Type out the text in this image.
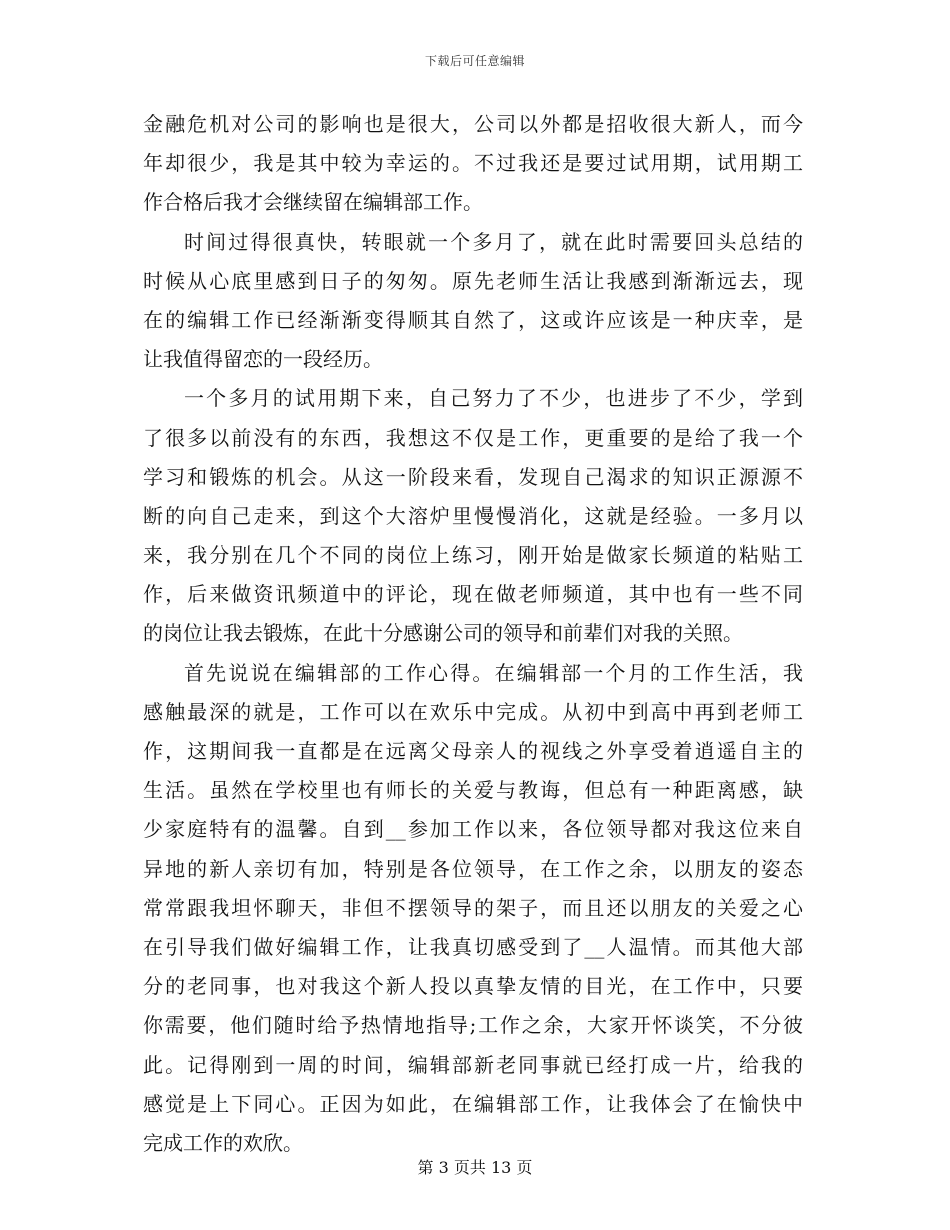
下载后可任意编辑
金融危机对公司的影响也是很大，公司以外都是招收很大新人，而今
年却很少，我是其中较为幸运的。不过我还是要过试用期，试用期工
作合格后我才会继续留在编辑部工作。
时间过得很真快，转眼就一个多月了，就在此时需要回头总结的
时候从心底里感到日子的匆匆。原先老师生活让我感到渐渐远去，现
在的编辑工作已经渐渐变得顺其自然了，这或许应该是一种庆幸，是
让我值得留恋的一段经历。
一个多月的试用期下来，自己努力了不少，也进步了不少，学到
了很多以前没有的东西，我想这不仅是工作，更重要的是给了我一个
学习和锻炼的机会。从这一阶段来看，发现自己渴求的知识正源源不
断的向自己走来，到这个大溶炉里慢慢消化，这就是经验。一多月以
来，我分别在几个不同的岗位上练习，刚开始是做家长频道的粘贴工
作，后来做资讯频道中的评论，现在做老师频道，其中也有一些不同
的岗位让我去锻炼，在此十分感谢公司的领导和前辈们对我的关照。
首先说说在编辑部的工作心得。在编辑部一个月的工作生活，我
感触最深的就是，工作可以在欢乐中完成。从初中到高中再到老师工
作，这期间我一直都是在远离父母亲人的视线之外享受着逍遥自主的
生活。虽然在学校里也有师长的关爱与教诲，但总有一种距离感，缺
少家庭特有的温馨。自到__参加工作以来，各位领导都对我这位来自
异地的新人亲切有加，特别是各位领导，在工作之余，以朋友的姿态
常常跟我坦怀聊天，非但不摆领导的架子，而且还以朋友的关爱之心
在引导我们做好编辑工作，让我真切感受到了__人温情。而其他大部
分的老同事，也对我这个新人投以真挚友情的目光，在工作中，只要
你需要，他们随时给予热情地指导;工作之余，大家开怀谈笑，不分彼
此。记得刚到一周的时间，编辑部新老同事就已经打成一片，给我的
感觉是上下同心。正因为如此，在编辑部工作，让我体会了在愉快中
完成工作的欢欣。
第 3 页共 13 页
